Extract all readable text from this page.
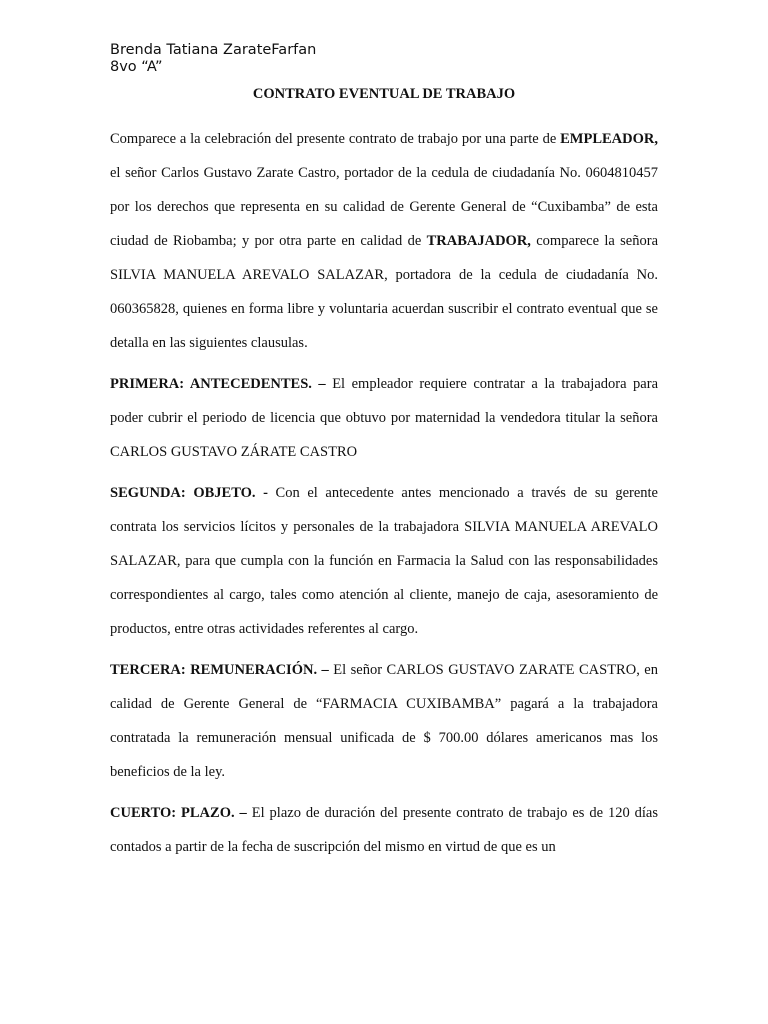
Brenda Tatiana ZarateFarfan
8vo “A”
CONTRATO EVENTUAL DE TRABAJO

Comparece a la celebración del presente contrato de trabajo por una parte de EMPLEADOR, el señor Carlos Gustavo Zarate Castro, portador de la cedula de ciudadanía No. 0604810457 por los derechos que representa en su calidad de Gerente General de “Cuxibamba” de esta ciudad de Riobamba; y por otra parte en calidad de TRABAJADOR, comparece la señora SILVIA MANUELA AREVALO SALAZAR, portadora de la cedula de ciudadanía No. 060365828, quienes en forma libre y voluntaria acuerdan suscribir el contrato eventual que se detalla en las siguientes clausulas.

PRIMERA: ANTECEDENTES. – El empleador requiere contratar a la trabajadora para poder cubrir el periodo de licencia que obtuvo por maternidad la vendedora titular la señora CARLOS GUSTAVO ZÁRATE CASTRO

SEGUNDA: OBJETO. - Con el antecedente antes mencionado a través de su gerente contrata los servicios lícitos y personales de la trabajadora SILVIA MANUELA AREVALO SALAZAR, para que cumpla con la función en Farmacia la Salud con las responsabilidades correspondientes al cargo, tales como atención al cliente, manejo de caja, asesoramiento de productos, entre otras actividades referentes al cargo.

TERCERA: REMUNERACIÓN. – El señor CARLOS GUSTAVO ZARATE CASTRO, en calidad de Gerente General de “FARMACIA CUXIBAMBA” pagará a la trabajadora contratada la remuneración mensual unificada de $ 700.00 dólares americanos mas los beneficios de la ley.

CUERTO: PLAZO. – El plazo de duración del presente contrato de trabajo es de 120 días contados a partir de la fecha de suscripción del mismo en virtud de que es un
